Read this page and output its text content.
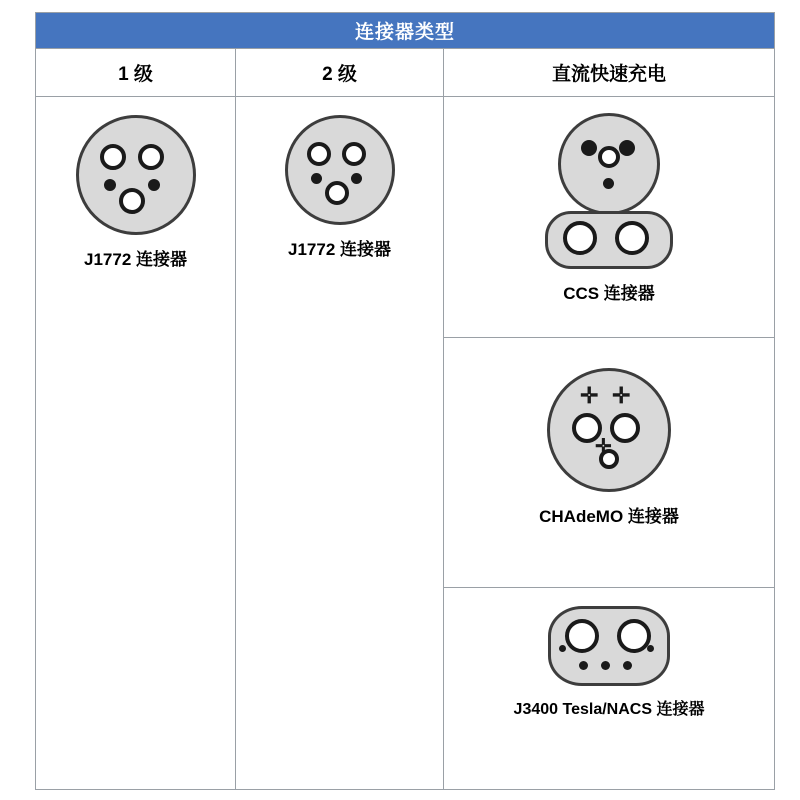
连接器类型
1 级	2 级	直流快速充电
J1772 连接器
J1772 连接器
CCS 连接器
✛ ✛
✛
CHAdeMO 连接器
J3400 Tesla/NACS 连接器
